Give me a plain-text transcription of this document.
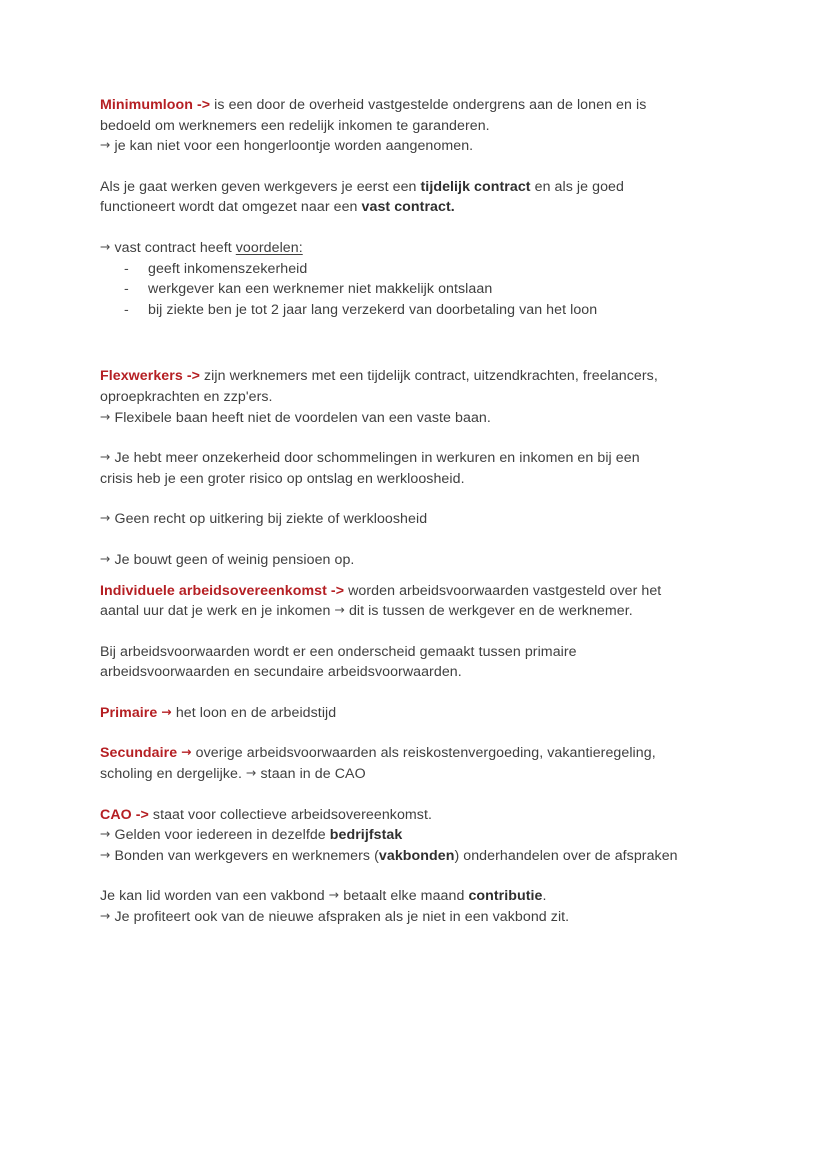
Minimumloon -> is een door de overheid vastgestelde ondergrens aan de lonen en is

bedoeld om werknemers een redelijk inkomen te garanderen.

→ je kan niet voor een hongerloontje worden aangenomen.

Als je gaat werken geven werkgevers je eerst een tijdelijk contract en als je goed

functioneert wordt dat omgezet naar een vast contract.

→ vast contract heeft voordelen:

- geeft inkomenszekerheid
- werkgever kan een werknemer niet makkelijk ontslaan
- bij ziekte ben je tot 2 jaar lang verzekerd van doorbetaling van het loon

Flexwerkers -> zijn werknemers met een tijdelijk contract, uitzendkrachten, freelancers,

oproepkrachten en zzp'ers.

→ Flexibele baan heeft niet de voordelen van een vaste baan.

→ Je hebt meer onzekerheid door schommelingen in werkuren en inkomen en bij een

crisis heb je een groter risico op ontslag en werkloosheid.

→ Geen recht op uitkering bij ziekte of werkloosheid

→ Je bouwt geen of weinig pensioen op.

Individuele arbeidsovereenkomst -> worden arbeidsvoorwaarden vastgesteld over het

aantal uur dat je werk en je inkomen → dit is tussen de werkgever en de werknemer.

Bij arbeidsvoorwaarden wordt er een onderscheid gemaakt tussen primaire

arbeidsvoorwaarden en secundaire arbeidsvoorwaarden.

Primaire → het loon en de arbeidstijd

Secundaire → overige arbeidsvoorwaarden als reiskostenvergoeding, vakantieregeling,

scholing en dergelijke. → staan in de CAO

CAO -> staat voor collectieve arbeidsovereenkomst.

→ Gelden voor iedereen in dezelfde bedrijfstak

→ Bonden van werkgevers en werknemers (vakbonden) onderhandelen over de afspraken

Je kan lid worden van een vakbond → betaalt elke maand contributie.

→ Je profiteert ook van de nieuwe afspraken als je niet in een vakbond zit.
